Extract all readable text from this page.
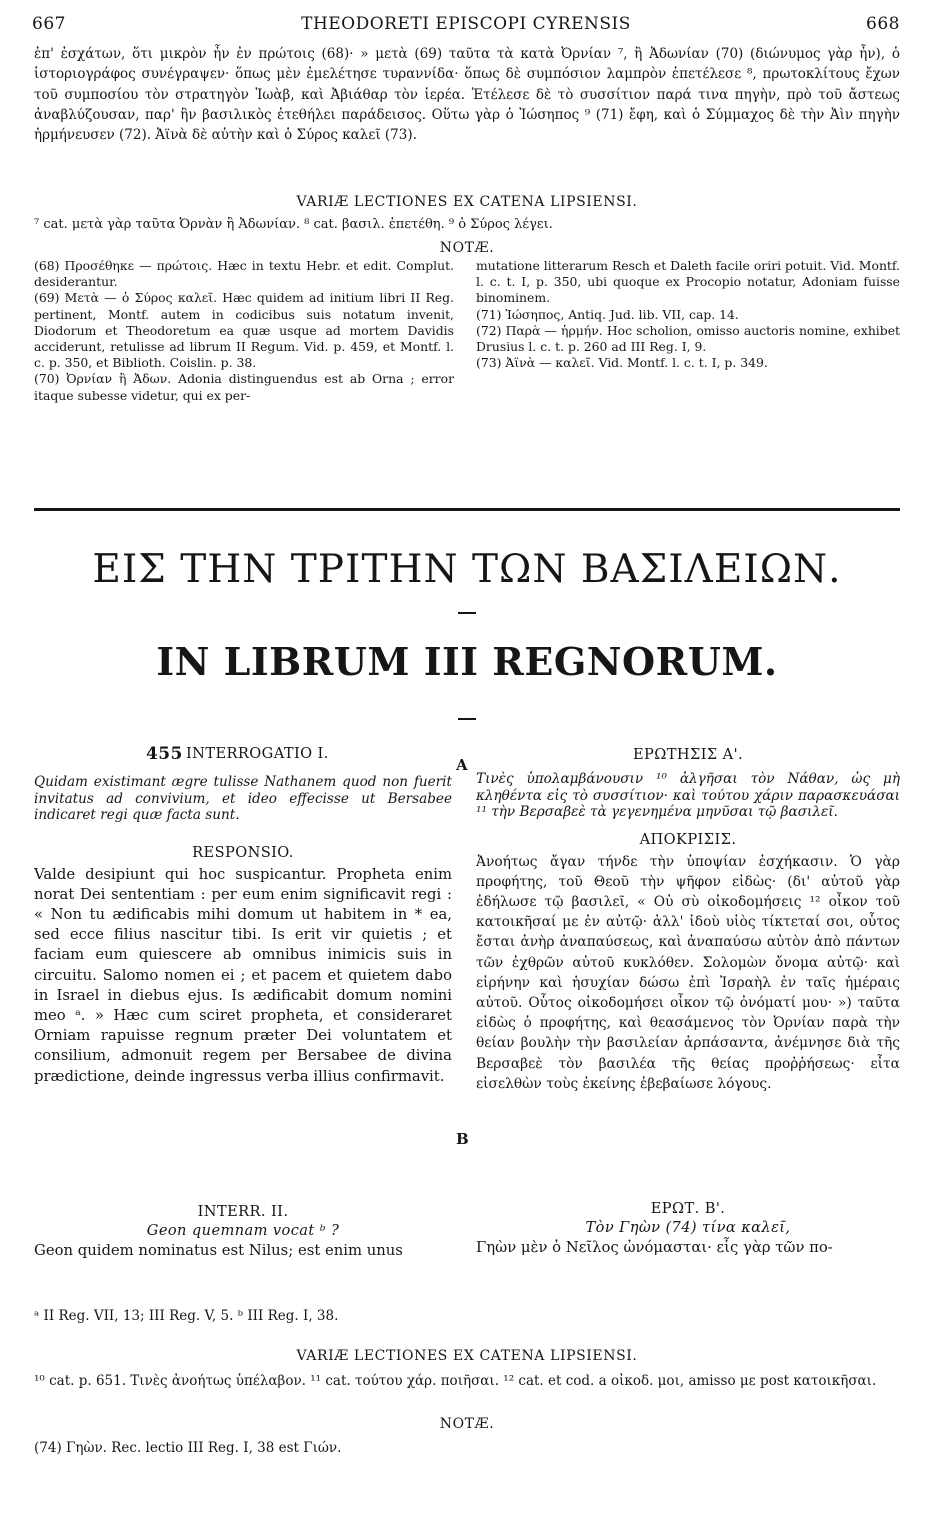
667	THEODORETI EPISCOPI CYRENSIS	668

ἐπ' ἐσχάτων, ὅτι μικρὸν ἦν ἐν πρώτοις (68)· » μετὰ (69) ταῦτα τὰ κατὰ Ὀρνίαν ⁷, ἢ Ἀδωνίαν (70) (διώνυμος γὰρ ἦν), ὁ ἱστοριογράφος συνέγραψεν· ὅπως μὲν ἐμελέτησε τυραννίδα· ὅπως δὲ συμπόσιον λαμπρὸν ἐπετέλεσε ⁸, πρωτοκλίτους ἔχων τοῦ συμποσίου τὸν στρατηγὸν Ἰωὰβ, καὶ Ἀβιάθαρ τὸν ἱερέα. Ἐτέλεσε δὲ τὸ συσσίτιον παρά τινα πηγὴν, πρὸ τοῦ ἄστεως ἀναβλύζουσαν, παρ' ἣν βασιλικὸς ἐτεθήλει παράδεισος. Οὕτω γὰρ ὁ Ἰώσηπος ⁹ (71) ἔφη, καὶ ὁ Σύμμαχος δὲ τὴν Ἀὶν πηγὴν ἡρμήνευσεν (72). Ἀϊνὰ δὲ αὐτὴν καὶ ὁ Σύρος καλεῖ (73).

VARIÆ LECTIONES EX CATENA LIPSIENSI.
⁷ cat. μετὰ γὰρ ταῦτα Ὀρνὰν ἢ Ἀδωνίαν. ⁸ cat. βασιλ. ἐπετέθη. ⁹ ὁ Σύρος λέγει.
NOTÆ.

(68) Προσέθηκε — πρώτοις. Hæc in textu Hebr. et edit. Complut. desiderantur.

(69) Μετὰ — ὁ Σύρος καλεῖ. Hæc quidem ad initium libri II Reg. pertinent, Montf. autem in codicibus suis notatum invenit, Diodorum et Theodoretum ea quæ usque ad mortem Davidis acciderunt, retulisse ad librum II Regum. Vid. p. 459, et Montf. l. c. p. 350, et Biblioth. Coislin. p. 38.

(70) Ὀρνίαν ἢ Ἀδων. Adonia distinguendus est ab Orna ; error itaque subesse videtur, qui ex per-

mutatione litterarum Resch et Daleth facile oriri potuit. Vid. Montf. l. c. t. I, p. 350, ubi quoque ex Procopio notatur, Adoniam fuisse binominem.

(71) Ἰώσηπος, Antiq. Jud. lib. VII, cap. 14.

(72) Παρὰ — ἡρμήν. Hoc scholion, omisso auctoris nomine, exhibet Drusius l. c. t. p. 260 ad III Reg. I, 9.

(73) Ἀϊνὰ — καλεῖ. Vid. Montf. l. c. t. I, p. 349.

ΕΙΣ ΤΗΝ ΤΡΙΤΗΝ ΤΩΝ ΒΑΣΙΛΕΙΩΝ.
IN LIBRUM III REGNORUM.
A
B
455 INTERROGATIO I.
Quidam existimant ægre tulisse Nathanem quod non fuerit invitatus ad convivium, et ideo effecisse ut Bersabee indicaret regi quæ facta sunt.
RESPONSIO.
Valde desipiunt qui hoc suspicantur. Propheta enim norat Dei sententiam : per eum enim significavit regi : « Non tu ædificabis mihi domum ut habitem in * ea, sed ecce filius nascitur tibi. Is erit vir quietis ; et faciam eum quiescere ab omnibus inimicis suis in circuitu. Salomo nomen ei ; et pacem et quietem dabo in Israel in diebus ejus. Is ædificabit domum nomini meo ᵃ. » Hæc cum sciret propheta, et consideraret Orniam rapuisse regnum præter Dei voluntatem et consilium, admonuit regem per Bersabee de divina prædictione, deinde ingressus verba illius confirmavit.
INTERR. II.
Geon quemnam vocat ᵇ ?
Geon quidem nominatus est Nilus; est enim unus
ΕΡΩΤΗΣΙΣ Α'.
Τινὲς ὑπολαμβάνουσιν ¹⁰ ἀλγῆσαι τὸν Νάθαν, ὡς μὴ κληθέντα εἰς τὸ συσσίτιον· καὶ τούτου χάριν παρασκευάσαι ¹¹ τὴν Βερσαβεὲ τὰ γεγενημένα μηνῦσαι τῷ βασιλεῖ.
ΑΠΟΚΡΙΣΙΣ.
Ἀνοήτως ἄγαν τήνδε τὴν ὑποψίαν ἐσχήκασιν. Ὁ γὰρ προφήτης, τοῦ Θεοῦ τὴν ψῆφον εἰδὼς· (δι' αὐτοῦ γὰρ ἐδήλωσε τῷ βασιλεῖ, « Οὐ σὺ οἰκοδομήσεις ¹² οἶκον τοῦ κατοικῆσαί με ἐν αὐτῷ· ἀλλ' ἰδοὺ υἱὸς τίκτεταί σοι, οὗτος ἔσται ἀνὴρ ἀναπαύσεως, καὶ ἀναπαύσω αὐτὸν ἀπὸ πάντων τῶν ἐχθρῶν αὐτοῦ κυκλόθεν. Σολομὼν ὄνομα αὐτῷ· καὶ εἰρήνην καὶ ἡσυχίαν δώσω ἐπὶ Ἰσραὴλ ἐν ταῖς ἡμέραις αὐτοῦ. Οὗτος οἰκοδομήσει οἶκον τῷ ὀνόματί μου· ») ταῦτα εἰδὼς ὁ προφήτης, καὶ θεασάμενος τὸν Ὀρνίαν παρὰ τὴν θείαν βουλὴν τὴν βασιλείαν ἁρπάσαντα, ἀνέμνησε διὰ τῆς Βερσαβεὲ τὸν βασιλέα τῆς θείας προῤῥήσεως· εἶτα εἰσελθὼν τοὺς ἐκείνης ἐβεβαίωσε λόγους.
ΕΡΩΤ. Β'.
Τὸν Γηὼν (74) τίνα καλεῖ,
Γηὼν μὲν ὁ Νεῖλος ὠνόμασται· εἷς γὰρ τῶν πο-
ᵃ II Reg. VII, 13; III Reg. V, 5. ᵇ III Reg. I, 38.
VARIÆ LECTIONES EX CATENA LIPSIENSI.
¹⁰ cat. p. 651. Τινὲς ἀνοήτως ὑπέλαβον. ¹¹ cat. τούτου χάρ. ποιῆσαι. ¹² cat. et cod. a οἰκοδ. μοι, amisso με post κατοικῆσαι.
NOTÆ.
(74) Γηὼν. Rec. lectio III Reg. I, 38 est Γιών.
